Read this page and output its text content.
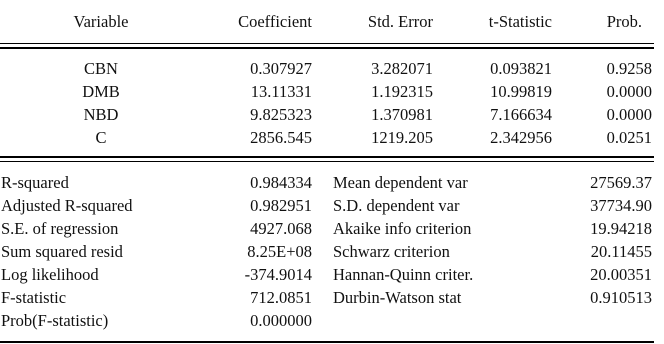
Variable	Coefficient	Std. Error	t-Statistic	Prob.
CBN	0.307927	3.282071	0.093821	0.9258
DMB	13.11331	1.192315	10.99819	0.0000
NBD	9.825323	1.370981	7.166634	0.0000
C	2856.545	1219.205	2.342956	0.0251
R-squared	0.984334 Mean dependent var	27569.37
Adjusted R-squared	0.982951 S.D. dependent var	37734.90
S.E. of regression	4927.068 Akaike info criterion	19.94218
Sum squared resid	8.25E+08 Schwarz criterion	20.11455
Log likelihood	-374.9014 Hannan-Quinn criter.	20.00351
F-statistic	712.0851 Durbin-Watson stat	0.910513
Prob(F-statistic)	0.000000
